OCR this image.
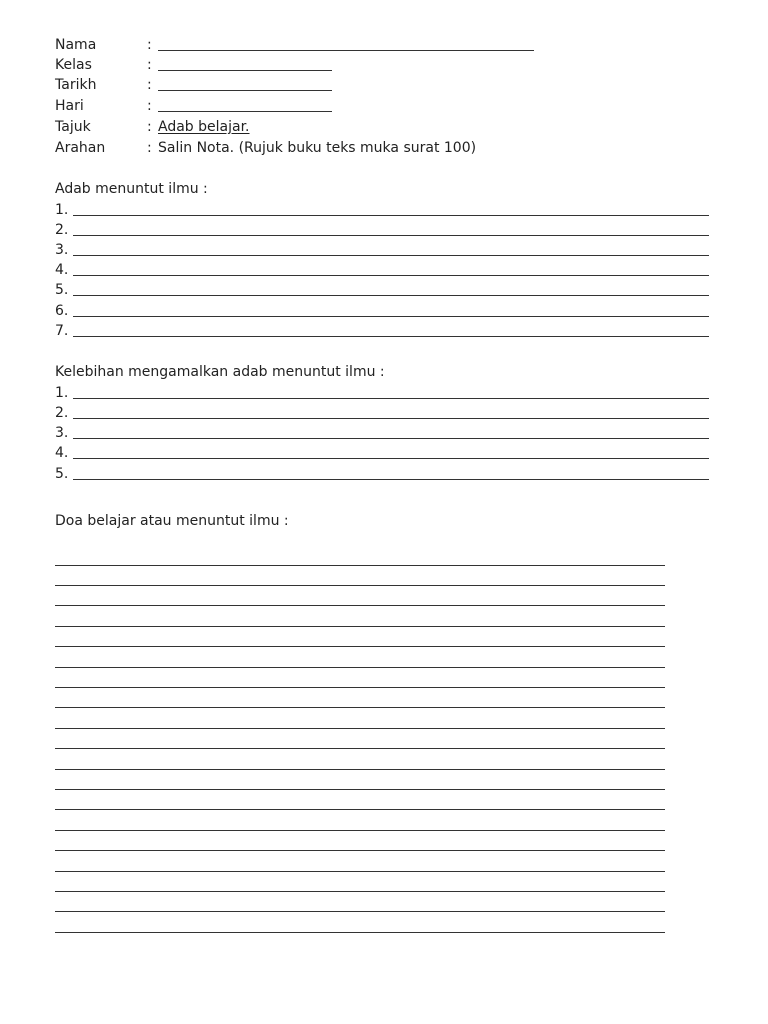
Nama	:
Kelas	:
Tarikh	:
Hari	:
Tajuk	: Adab belajar.
Arahan	: Salin Nota. (Rujuk buku teks muka surat 100)
Adab menuntut ilmu :
1.
2.
3.
4.
5.
6.
7.
Kelebihan mengamalkan adab menuntut ilmu :
1.
2.
3.
4.
5.
Doa belajar atau menuntut ilmu :
